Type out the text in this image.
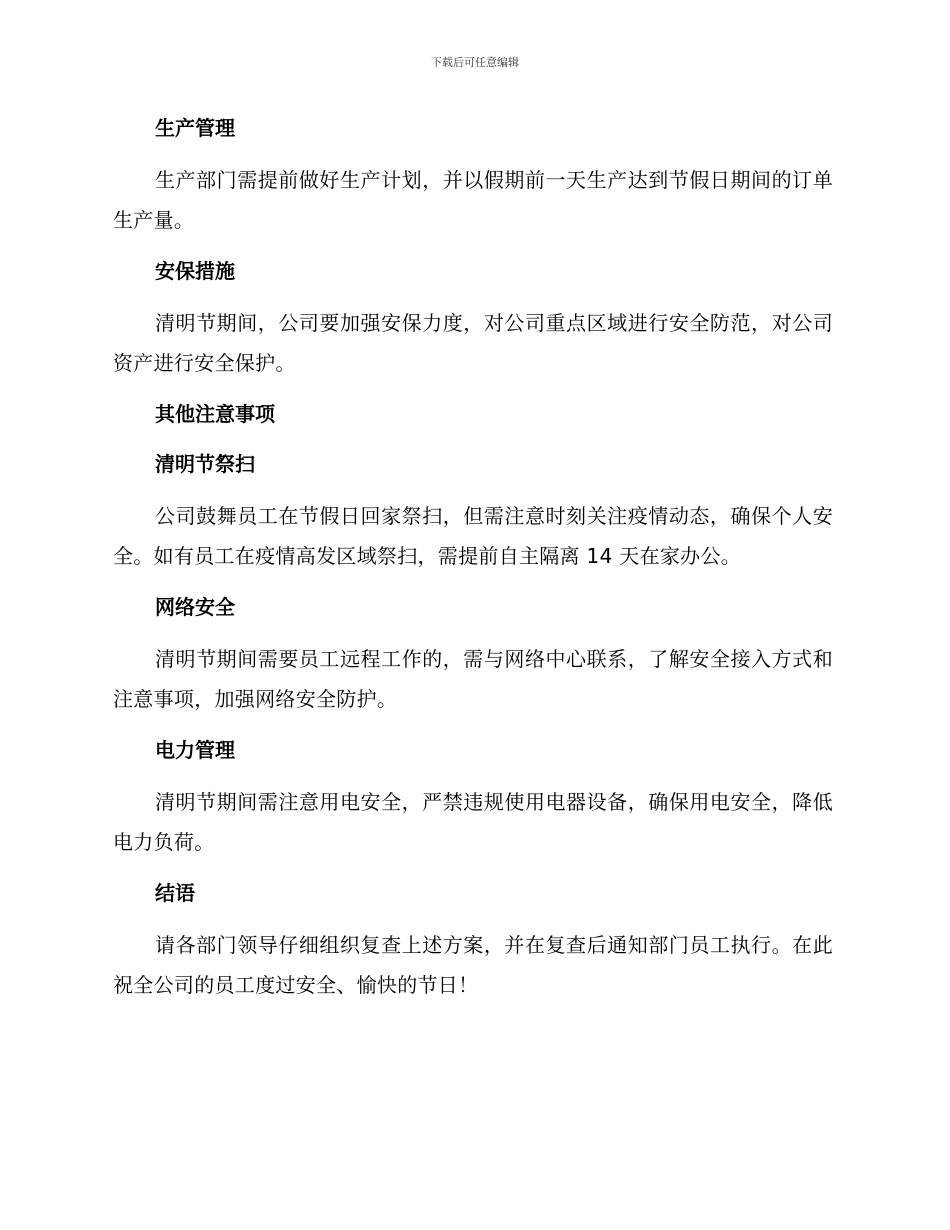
下载后可任意编辑
生产管理
生产部门需提前做好生产计划，并以假期前一天生产达到节假日期间的订单生产量。
安保措施
清明节期间，公司要加强安保力度，对公司重点区域进行安全防范，对公司资产进行安全保护。
其他注意事项
清明节祭扫
公司鼓舞员工在节假日回家祭扫，但需注意时刻关注疫情动态，确保个人安全。如有员工在疫情高发区域祭扫，需提前自主隔离 14 天在家办公。
网络安全
清明节期间需要员工远程工作的，需与网络中心联系，了解安全接入方式和注意事项，加强网络安全防护。
电力管理
清明节期间需注意用电安全，严禁违规使用电器设备，确保用电安全，降低电力负荷。
结语
请各部门领导仔细组织复查上述方案，并在复查后通知部门员工执行。在此祝全公司的员工度过安全、愉快的节日！
